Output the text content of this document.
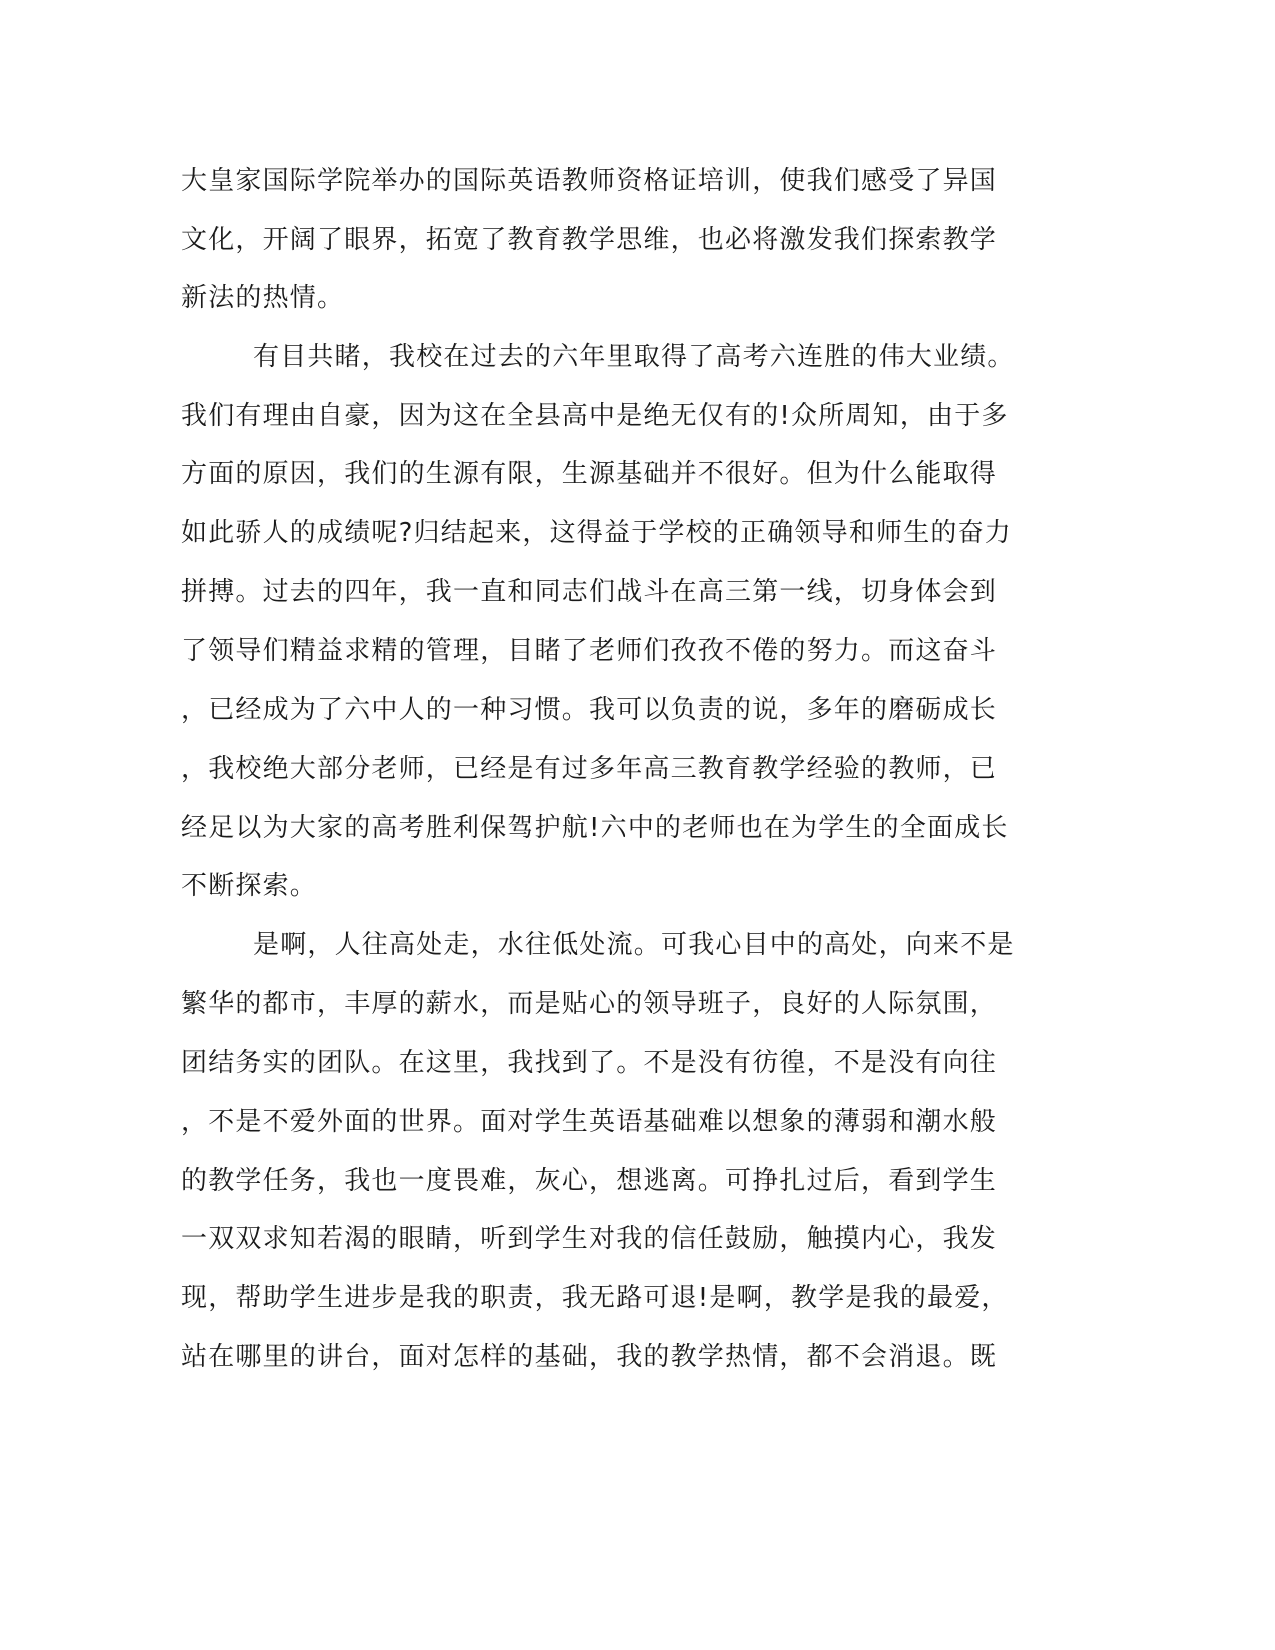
大皇家国际学院举办的国际英语教师资格证培训，使我们感受了异国
文化，开阔了眼界，拓宽了教育教学思维，也必将激发我们探索教学
新法的热情。
有目共睹，我校在过去的六年里取得了高考六连胜的伟大业绩。
我们有理由自豪，因为这在全县高中是绝无仅有的!众所周知，由于多
方面的原因，我们的生源有限，生源基础并不很好。但为什么能取得
如此骄人的成绩呢?归结起来，这得益于学校的正确领导和师生的奋力
拼搏。过去的四年，我一直和同志们战斗在高三第一线，切身体会到
了领导们精益求精的管理，目睹了老师们孜孜不倦的努力。而这奋斗
，已经成为了六中人的一种习惯。我可以负责的说，多年的磨砺成长
，我校绝大部分老师，已经是有过多年高三教育教学经验的教师，已
经足以为大家的高考胜利保驾护航!六中的老师也在为学生的全面成长
不断探索。
是啊，人往高处走，水往低处流。可我心目中的高处，向来不是
繁华的都市，丰厚的薪水，而是贴心的领导班子，良好的人际氛围，
团结务实的团队。在这里，我找到了。不是没有彷徨，不是没有向往
，不是不爱外面的世界。面对学生英语基础难以想象的薄弱和潮水般
的教学任务，我也一度畏难，灰心，想逃离。可挣扎过后，看到学生
一双双求知若渴的眼睛，听到学生对我的信任鼓励，触摸内心，我发
现，帮助学生进步是我的职责，我无路可退!是啊，教学是我的最爱，
站在哪里的讲台，面对怎样的基础，我的教学热情，都不会消退。既
